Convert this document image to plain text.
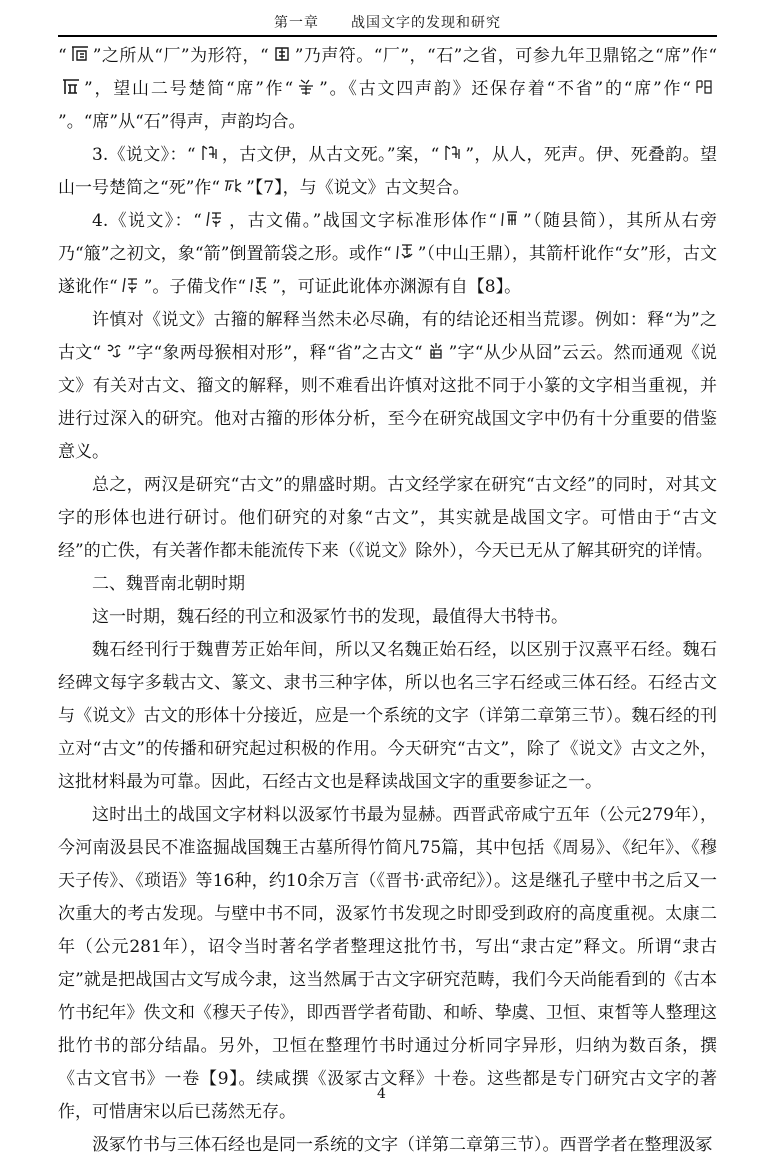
第一章 战国文字的发现和研究

“ ”之所从“厂”为形符，“ ”乃声符。“厂”，“石”之省，可参九年卫鼎铭之“席”作“
”，望山二号楚简“席”作“ ”。《古文四声韵》还保存着“不省”的“席”作“
”。“席”从“石”得声，声韵均合。

3.《说文》：“ ，古文伊，从古文死。”案，“ ”，从人，死声。伊、死叠韵。望山一号楚简之“死”作“ ”【7】，与《说文》古文契合。

4.《说文》：“ ，古文備。”战国文字标准形体作“ ”（随县简），其所从右旁乃“箙”之初文，象“箭”倒置箭袋之形。或作“ ”（中山王鼎），其箭杆讹作“女”形，古文遂讹作“ ”。子備戈作“ ”，可证此讹体亦渊源有自【8】。

许慎对《说文》古籀的解释当然未必尽确，有的结论还相当荒谬。例如：释“为”之古文“ ”字“象两母猴相对形”，释“省”之古文“ ”字“从少从囧”云云。然而通观《说文》有关对古文、籀文的解释，则不难看出许慎对这批不同于小篆的文字相当重视，并进行过深入的研究。他对古籀的形体分析，至今在研究战国文字中仍有十分重要的借鉴意义。

总之，两汉是研究“古文”的鼎盛时期。古文经学家在研究“古文经”的同时，对其文字的形体也进行研讨。他们研究的对象“古文”，其实就是战国文字。可惜由于“古文经”的亡佚，有关著作都未能流传下来（《说文》除外），今天已无从了解其研究的详情。

二、魏晋南北朝时期

这一时期，魏石经的刊立和汲冢竹书的发现，最值得大书特书。

魏石经刊行于魏曹芳正始年间，所以又名魏正始石经，以区别于汉熹平石经。魏石经碑文每字多载古文、篆文、隶书三种字体，所以也名三字石经或三体石经。石经古文与《说文》古文的形体十分接近，应是一个系统的文字（详第二章第三节）。魏石经的刊立对“古文”的传播和研究起过积极的作用。今天研究“古文”，除了《说文》古文之外，这批材料最为可靠。因此，石经古文也是释读战国文字的重要参证之一。

这时出土的战国文字材料以汲冢竹书最为显赫。西晋武帝咸宁五年（公元279年），今河南汲县民不准盗掘战国魏王古墓所得竹简凡75篇，其中包括《周易》、《纪年》、《穆天子传》、《琐语》等16种，约10余万言（《晋书·武帝纪》）。这是继孔子壁中书之后又一次重大的考古发现。与壁中书不同，汲冢竹书发现之时即受到政府的高度重视。太康二年（公元281年），诏令当时著名学者整理这批竹书，写出“隶古定”释文。所谓“隶古定”就是把战国古文写成今隶，这当然属于古文字研究范畴，我们今天尚能看到的《古本竹书纪年》佚文和《穆天子传》，即西晋学者荀勖、和峤、挚虞、卫恒、束皙等人整理这批竹书的部分结晶。另外，卫恒在整理竹书时通过分析同字异形，归纳为数百条，撰《古文官书》一卷【9】。续咸撰《汲冢古文释》十卷。这些都是专门研究古文字的著作，可惜唐宋以后已荡然无存。

汲冢竹书与三体石经也是同一系统的文字（详第二章第三节）。西晋学者在整理汲冢

4
